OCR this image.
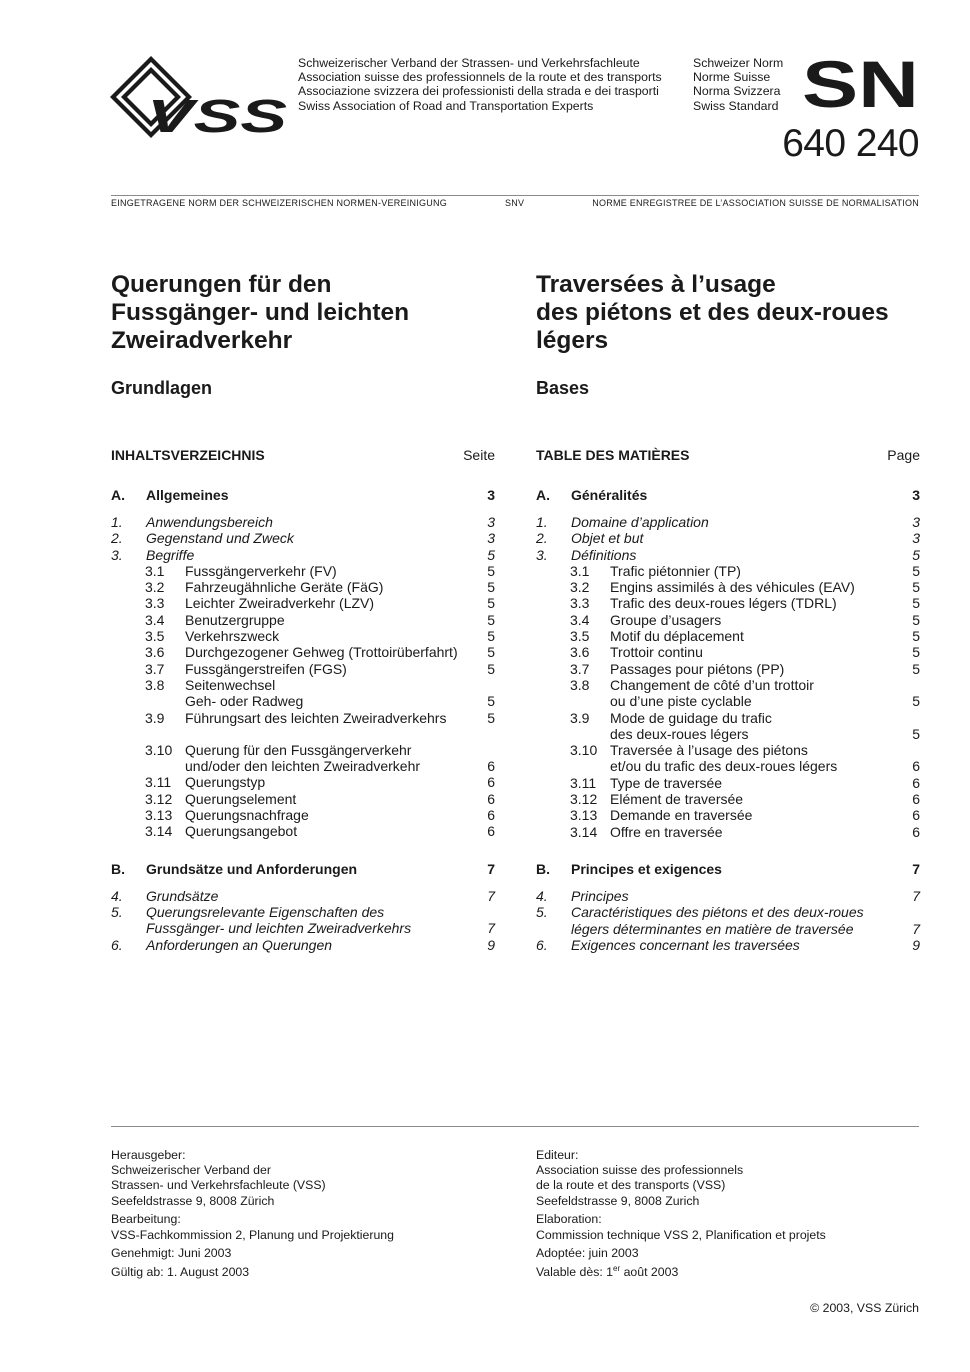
VSS
Schweizerischer Verband der Strassen- und Verkehrsfachleute
Association suisse des professionnels de la route et des transports
Associazione svizzera dei professionisti della strada e dei trasporti
Swiss Association of Road and Transportation Experts
Schweizer Norm
Norme Suisse
Norma Svizzera
Swiss Standard SN
640 240
EINGETRAGENE NORM DER SCHWEIZERISCHEN NORMEN-VEREINIGUNG	SNV	NORME ENREGISTREE DE L’ASSOCIATION SUISSE DE NORMALISATION
Querungen für den
Fussgänger- und leichten
Zweiradverkehr
Traversées à l’usage
des piétons et des deux-roues
légers
Grundlagen	Bases
INHALTSVERZEICHNIS	Seite
A. Allgemeines	3
1. Anwendungsbereich	3
2. Gegenstand und Zweck	3
3. Begriffe	5
3.1 Fussgängerverkehr (FV)	5
3.2 Fahrzeugähnliche Geräte (FäG)	5
3.3 Leichter Zweiradverkehr (LZV)	5
3.4 Benutzergruppe	5
3.5 Verkehrszweck	5
3.6 Durchgezogener Gehweg (Trottoirüberfahrt) 5
3.7 Fussgängerstreifen (FGS)	5
3.8 Seitenwechsel
Geh- oder Radweg	5
3.9 Führungsart des leichten Zweiradverkehrs	5
3.10 Querung für den Fussgängerverkehr
und/oder den leichten Zweiradverkehr	6
3.11 Querungstyp	6
3.12 Querungselement	6
3.13 Querungsnachfrage	6
3.14 Querungsangebot	6
B. Grundsätze und Anforderungen	7
4. Grundsätze	7
5. Querungsrelevante Eigenschaften des
Fussgänger- und leichten Zweiradverkehrs	7
6. Anforderungen an Querungen	9
TABLE DES MATIÈRES	Page
A. Généralités	3
1. Domaine d’application	3
2. Objet et but	3
3. Définitions	5
3.1 Trafic piétonnier (TP)	5
3.2 Engins assimilés à des véhicules (EAV)	5
3.3 Trafic des deux-roues légers (TDRL)	5
3.4 Groupe d’usagers	5
3.5 Motif du déplacement	5
3.6 Trottoir continu	5
3.7 Passages pour piétons (PP)	5
3.8 Changement de côté d’un trottoir
ou d’une piste cyclable	5
3.9 Mode de guidage du trafic
des deux-roues légers	5
3.10 Traversée à l’usage des piétons
et/ou du trafic des deux-roues légers	6
3.11 Type de traversée	6
3.12 Elément de traversée	6
3.13 Demande en traversée	6
3.14 Offre en traversée	6
B. Principes et exigences	7
4. Principes	7
5. Caractéristiques des piétons et des deux-roues
légers déterminantes en matière de traversée	7
6. Exigences concernant les traversées	9
Herausgeber:
Schweizerischer Verband der
Strassen- und Verkehrsfachleute (VSS)
Seefeldstrasse 9, 8008 Zürich
Bearbeitung:
VSS-Fachkommission 2, Planung und Projektierung
Genehmigt: Juni 2003
Gültig ab: 1. August 2003
Editeur:
Association suisse des professionnels
de la route et des transports (VSS)
Seefeldstrasse 9, 8008 Zurich
Elaboration:
Commission technique VSS 2, Planification et projets
Adoptée: juin 2003
Valable dès: 1er août 2003
© 2003, VSS Zürich
